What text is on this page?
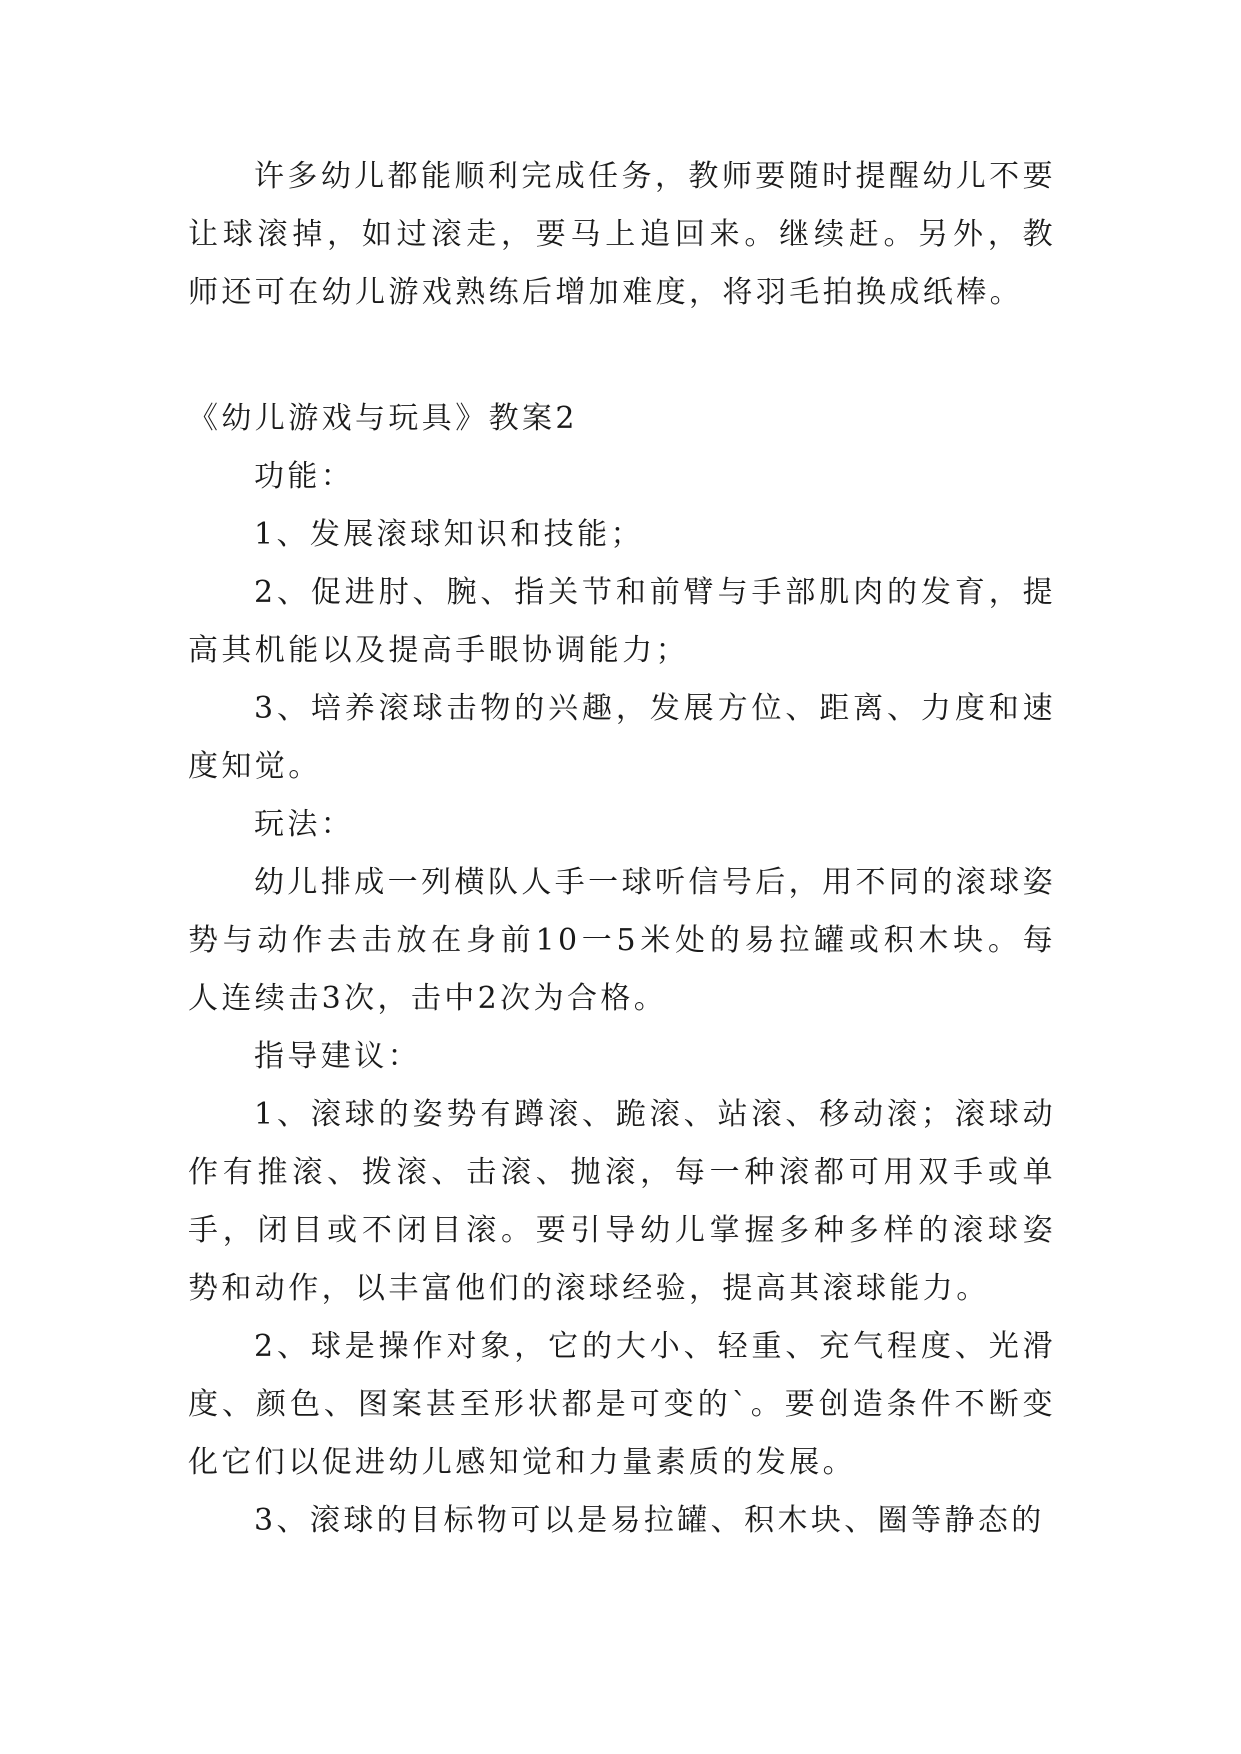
许多幼儿都能顺利完成任务，教师要随时提醒幼儿不要让球滚掉，如过滚走，要马上追回来。继续赶。另外，教师还可在幼儿游戏熟练后增加难度，将羽毛拍换成纸棒。

《幼儿游戏与玩具》教案2

功能：

1、发展滚球知识和技能；

2、促进肘、腕、指关节和前臂与手部肌肉的发育，提高其机能以及提高手眼协调能力；

3、培养滚球击物的兴趣，发展方位、距离、力度和速度知觉。

玩法：

幼儿排成一列横队人手一球听信号后，用不同的滚球姿势与动作去击放在身前10一5米处的易拉罐或积木块。每人连续击3次，击中2次为合格。

指导建议：

1、滚球的姿势有蹲滚、跪滚、站滚、移动滚；滚球动作有推滚、拨滚、击滚、抛滚，每一种滚都可用双手或单手，闭目或不闭目滚。要引导幼儿掌握多种多样的滚球姿势和动作，以丰富他们的滚球经验，提高其滚球能力。

2、球是操作对象，它的大小、轻重、充气程度、光滑度、颜色、图案甚至形状都是可变的`。要创造条件不断变化它们以促进幼儿感知觉和力量素质的发展。

3、滚球的目标物可以是易拉罐、积木块、圈等静态的
